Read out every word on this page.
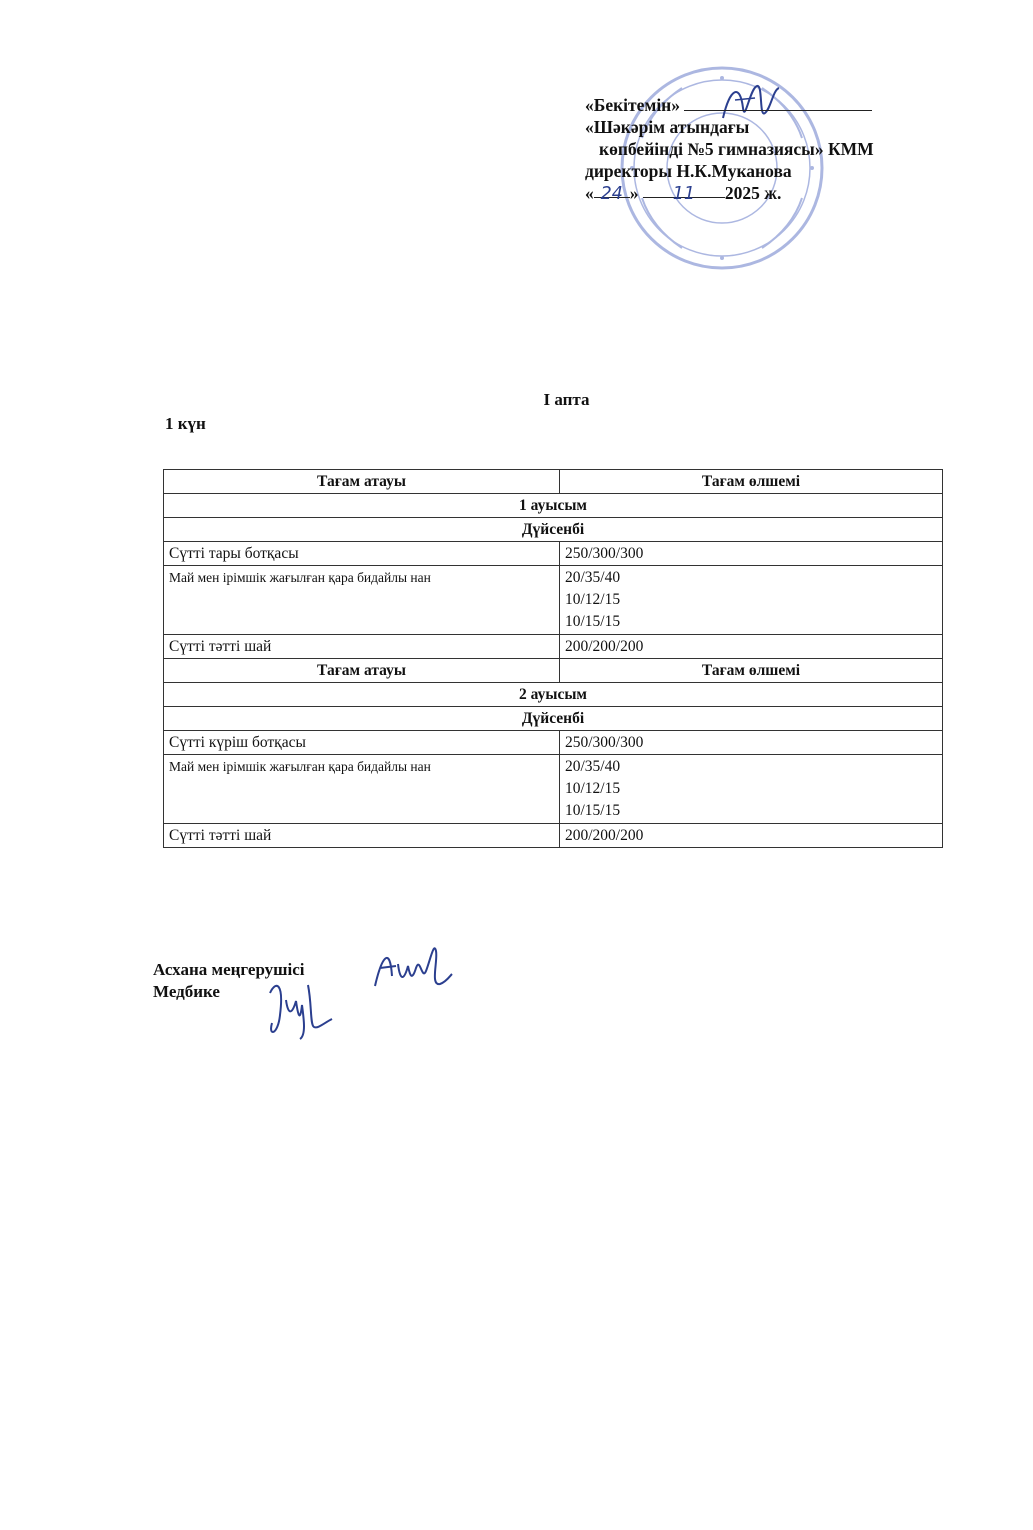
«Бекітемін»
«Шәкәрім атындағы
көпбейінді №5 гимназиясы» КММ
директоры Н.К.Муканова
« 24 » 11 2025 ж.
І апта
1 күн
Тағам атауы	Тағам өлшемі
1 ауысым	
Дүйсенбі	
Сүтті тары ботқасы	250/300/300
Май мен ірімшік жағылған қара бидайлы нан	20/35/40
10/12/15
10/15/15

Сүтті тәтті шай	200/200/200
Тағам атауы	Тағам өлшемі
2 ауысым	
Дүйсенбі	
Сүтті күріш ботқасы	250/300/300
Май мен ірімшік жағылған қара бидайлы нан	20/35/40
10/12/15
10/15/15

Сүтті тәтті шай	200/200/200
Асхана меңгерушісі
Медбике
